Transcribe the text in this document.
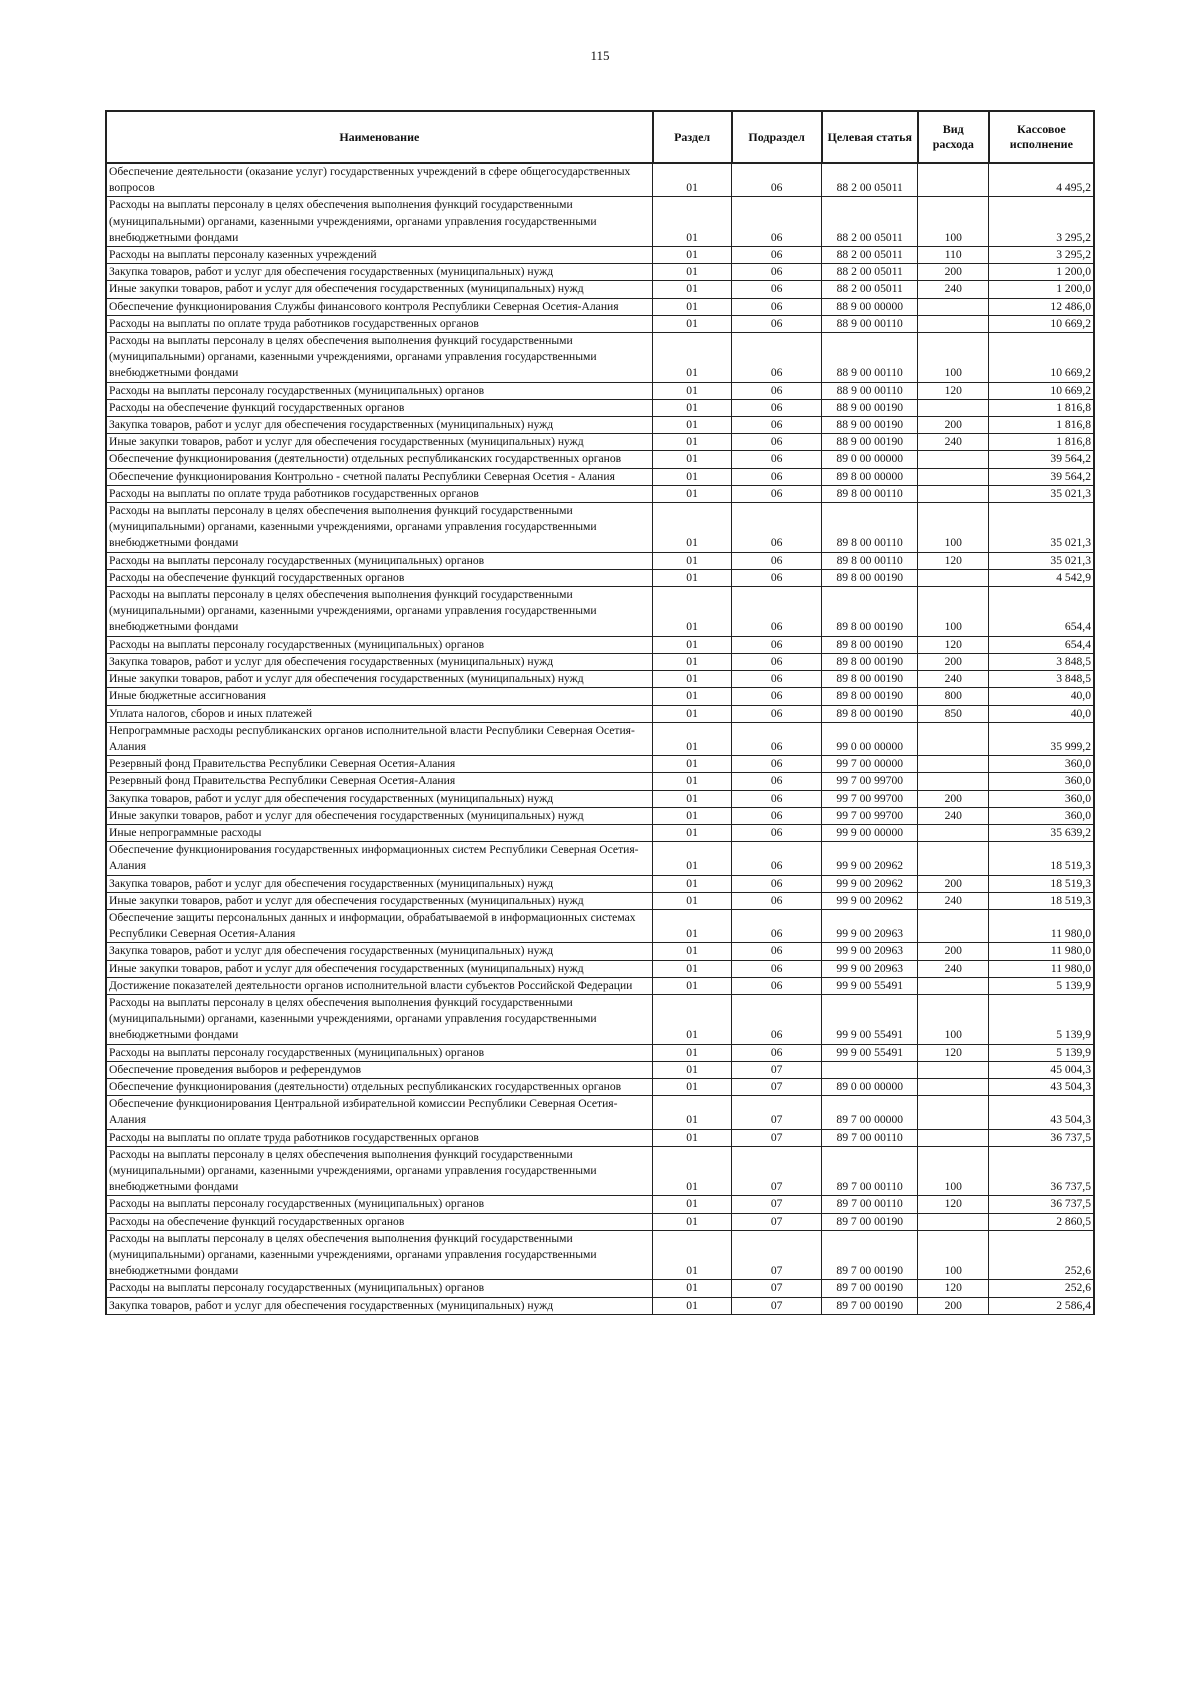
115
Наименование	Раздел	Подраздел	Целевая статья	Вид расхода	Кассовое исполнение
Обеспечение деятельности (оказание услуг) государственных учреждений в сфере общегосударственных вопросов	01	06	88 2 00 05011		4 495,2
Расходы на выплаты персоналу в целях обеспечения выполнения функций государственными (муниципальными) органами, казенными учреждениями, органами управления государственными внебюджетными фондами	01	06	88 2 00 05011	100	3 295,2
Расходы на выплаты персоналу казенных учреждений	01	06	88 2 00 05011	110	3 295,2
Закупка товаров, работ и услуг для обеспечения государственных (муниципальных) нужд	01	06	88 2 00 05011	200	1 200,0
Иные закупки товаров, работ и услуг для обеспечения государственных (муниципальных) нужд	01	06	88 2 00 05011	240	1 200,0
Обеспечение функционирования Службы финансового контроля Республики Северная Осетия-Алания	01	06	88 9 00 00000		12 486,0
Расходы на выплаты по оплате труда работников государственных органов	01	06	88 9 00 00110		10 669,2
Расходы на выплаты персоналу в целях обеспечения выполнения функций государственными (муниципальными) органами, казенными учреждениями, органами управления государственными внебюджетными фондами	01	06	88 9 00 00110	100	10 669,2
Расходы на выплаты персоналу государственных (муниципальных) органов	01	06	88 9 00 00110	120	10 669,2
Расходы на обеспечение функций государственных органов	01	06	88 9 00 00190		1 816,8
Закупка товаров, работ и услуг для обеспечения государственных (муниципальных) нужд	01	06	88 9 00 00190	200	1 816,8
Иные закупки товаров, работ и услуг для обеспечения государственных (муниципальных) нужд	01	06	88 9 00 00190	240	1 816,8
Обеспечение функционирования (деятельности) отдельных республиканских государственных органов	01	06	89 0 00 00000		39 564,2
Обеспечение функционирования Контрольно - счетной палаты Республики Северная Осетия - Алания	01	06	89 8 00 00000		39 564,2
Расходы на выплаты по оплате труда работников государственных органов	01	06	89 8 00 00110		35 021,3
Расходы на выплаты персоналу в целях обеспечения выполнения функций государственными (муниципальными) органами, казенными учреждениями, органами управления государственными внебюджетными фондами	01	06	89 8 00 00110	100	35 021,3
Расходы на выплаты персоналу государственных (муниципальных) органов	01	06	89 8 00 00110	120	35 021,3
Расходы на обеспечение функций государственных органов	01	06	89 8 00 00190		4 542,9
Расходы на выплаты персоналу в целях обеспечения выполнения функций государственными (муниципальными) органами, казенными учреждениями, органами управления государственными внебюджетными фондами	01	06	89 8 00 00190	100	654,4
Расходы на выплаты персоналу государственных (муниципальных) органов	01	06	89 8 00 00190	120	654,4
Закупка товаров, работ и услуг для обеспечения государственных (муниципальных) нужд	01	06	89 8 00 00190	200	3 848,5
Иные закупки товаров, работ и услуг для обеспечения государственных (муниципальных) нужд	01	06	89 8 00 00190	240	3 848,5
Иные бюджетные ассигнования	01	06	89 8 00 00190	800	40,0
Уплата налогов, сборов и иных платежей	01	06	89 8 00 00190	850	40,0
Непрограммные расходы республиканских органов исполнительной власти Республики Северная Осетия-Алания	01	06	99 0 00 00000		35 999,2
Резервный фонд Правительства Республики Северная Осетия-Алания	01	06	99 7 00 00000		360,0
Резервный фонд Правительства Республики Северная Осетия-Алания	01	06	99 7 00 99700		360,0
Закупка товаров, работ и услуг для обеспечения государственных (муниципальных) нужд	01	06	99 7 00 99700	200	360,0
Иные закупки товаров, работ и услуг для обеспечения государственных (муниципальных) нужд	01	06	99 7 00 99700	240	360,0
Иные непрограммные расходы	01	06	99 9 00 00000		35 639,2
Обеспечение функционирования государственных информационных систем Республики Северная Осетия-Алания	01	06	99 9 00 20962		18 519,3
Закупка товаров, работ и услуг для обеспечения государственных (муниципальных) нужд	01	06	99 9 00 20962	200	18 519,3
Иные закупки товаров, работ и услуг для обеспечения государственных (муниципальных) нужд	01	06	99 9 00 20962	240	18 519,3
Обеспечение защиты персональных данных и информации, обрабатываемой в информационных системах Республики Северная Осетия-Алания	01	06	99 9 00 20963		11 980,0
Закупка товаров, работ и услуг для обеспечения государственных (муниципальных) нужд	01	06	99 9 00 20963	200	11 980,0
Иные закупки товаров, работ и услуг для обеспечения государственных (муниципальных) нужд	01	06	99 9 00 20963	240	11 980,0
Достижение показателей деятельности органов исполнительной власти субъектов Российской Федерации	01	06	99 9 00 55491		5 139,9
Расходы на выплаты персоналу в целях обеспечения выполнения функций государственными (муниципальными) органами, казенными учреждениями, органами управления государственными внебюджетными фондами	01	06	99 9 00 55491	100	5 139,9
Расходы на выплаты персоналу государственных (муниципальных) органов	01	06	99 9 00 55491	120	5 139,9
Обеспечение проведения выборов и референдумов	01	07			45 004,3
Обеспечение функционирования (деятельности) отдельных республиканских государственных органов	01	07	89 0 00 00000		43 504,3
Обеспечение функционирования Центральной избирательной комиссии Республики Северная Осетия-Алания	01	07	89 7 00 00000		43 504,3
Расходы на выплаты по оплате труда работников государственных органов	01	07	89 7 00 00110		36 737,5
Расходы на выплаты персоналу в целях обеспечения выполнения функций государственными (муниципальными) органами, казенными учреждениями, органами управления государственными внебюджетными фондами	01	07	89 7 00 00110	100	36 737,5
Расходы на выплаты персоналу государственных (муниципальных) органов	01	07	89 7 00 00110	120	36 737,5
Расходы на обеспечение функций государственных органов	01	07	89 7 00 00190		2 860,5
Расходы на выплаты персоналу в целях обеспечения выполнения функций государственными (муниципальными) органами, казенными учреждениями, органами управления государственными внебюджетными фондами	01	07	89 7 00 00190	100	252,6
Расходы на выплаты персоналу государственных (муниципальных) органов	01	07	89 7 00 00190	120	252,6
Закупка товаров, работ и услуг для обеспечения государственных (муниципальных) нужд	01	07	89 7 00 00190	200	2 586,4
